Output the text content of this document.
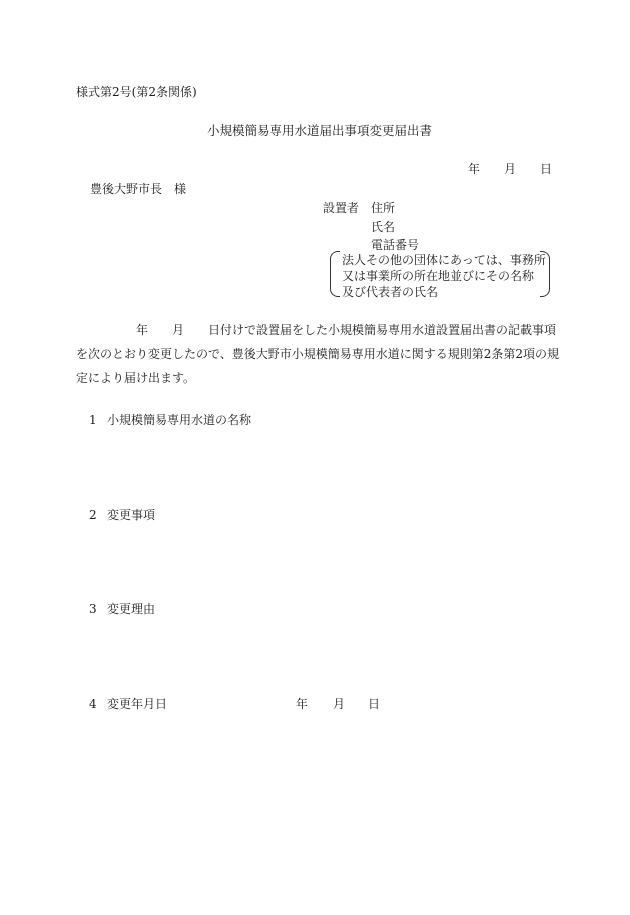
様式第2号(第2条関係)
小規模簡易専用水道届出事項変更届出書
年 月 日
豊後大野市長　様
設置者 住所
氏名
電話番号
法人その他の団体にあっては、事務所
又は事業所の所在地並びにその名称
及び代表者の氏名
年 月 日付けで設置届をした小規模簡易専用水道設置届出書の記載事項

を次のとおり変更したので、豊後大野市小規模簡易専用水道に関する規則第2条第2項の規
定により届け出ます。
1 小規模簡易専用水道の名称
2 変更事項
3 変更理由
4 変更年月日	年 月 日
